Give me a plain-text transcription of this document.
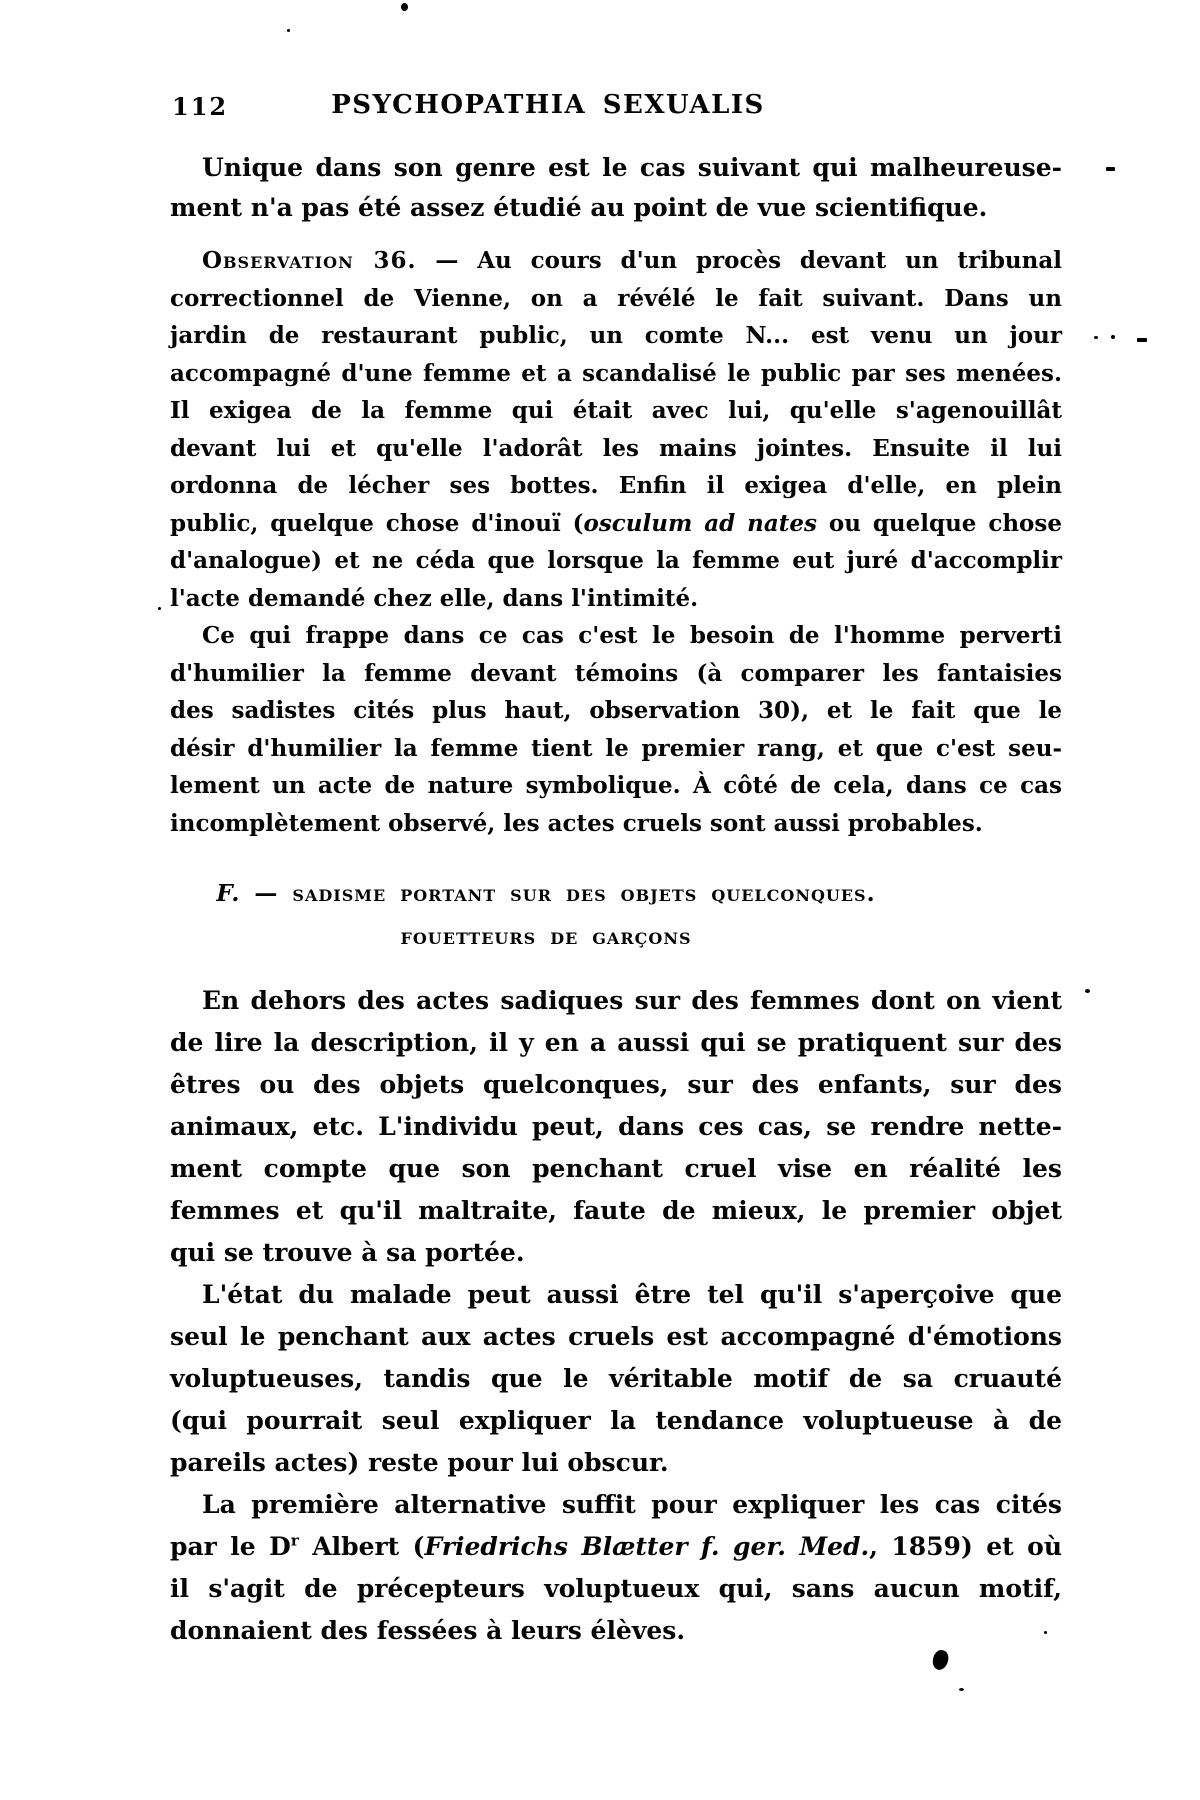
112	PSYCHOPATHIA SEXUALIS
Unique dans son genre est le cas suivant qui malheureuse-
ment n'a pas été assez étudié au point de vue scientifique.
Observation 36. — Au cours d'un procès devant un tribunal
correctionnel de Vienne, on a révélé le fait suivant. Dans un
jardin de restaurant public, un comte N... est venu un jour
accompagné d'une femme et a scandalisé le public par ses menées.
Il exigea de la femme qui était avec lui, qu'elle s'agenouillât
devant lui et qu'elle l'adorât les mains jointes. Ensuite il lui
ordonna de lécher ses bottes. Enfin il exigea d'elle, en plein
public, quelque chose d'inouï (osculum ad nates ou quelque chose
d'analogue) et ne céda que lorsque la femme eut juré d'accomplir
l'acte demandé chez elle, dans l'intimité.
Ce qui frappe dans ce cas c'est le besoin de l'homme perverti
d'humilier la femme devant témoins (à comparer les fantaisies
des sadistes cités plus haut, observation 30), et le fait que le
désir d'humilier la femme tient le premier rang, et que c'est seu-
lement un acte de nature symbolique. À côté de cela, dans ce cas
incomplètement observé, les actes cruels sont aussi probables.
F. — sadisme portant sur des objets quelconques.
fouetteurs de garçons
En dehors des actes sadiques sur des femmes dont on vient
de lire la description, il y en a aussi qui se pratiquent sur des
êtres ou des objets quelconques, sur des enfants, sur des
animaux, etc. L'individu peut, dans ces cas, se rendre nette-
ment compte que son penchant cruel vise en réalité les
femmes et qu'il maltraite, faute de mieux, le premier objet
qui se trouve à sa portée.
L'état du malade peut aussi être tel qu'il s'aperçoive que
seul le penchant aux actes cruels est accompagné d'émotions
voluptueuses, tandis que le véritable motif de sa cruauté
(qui pourrait seul expliquer la tendance voluptueuse à de
pareils actes) reste pour lui obscur.
La première alternative suffit pour expliquer les cas cités
par le $D^r$ Albert (Friedrichs Blætter f. ger. Med., 1859) et où
il s'agit de précepteurs voluptueux qui, sans aucun motif,
donnaient des fessées à leurs élèves.
